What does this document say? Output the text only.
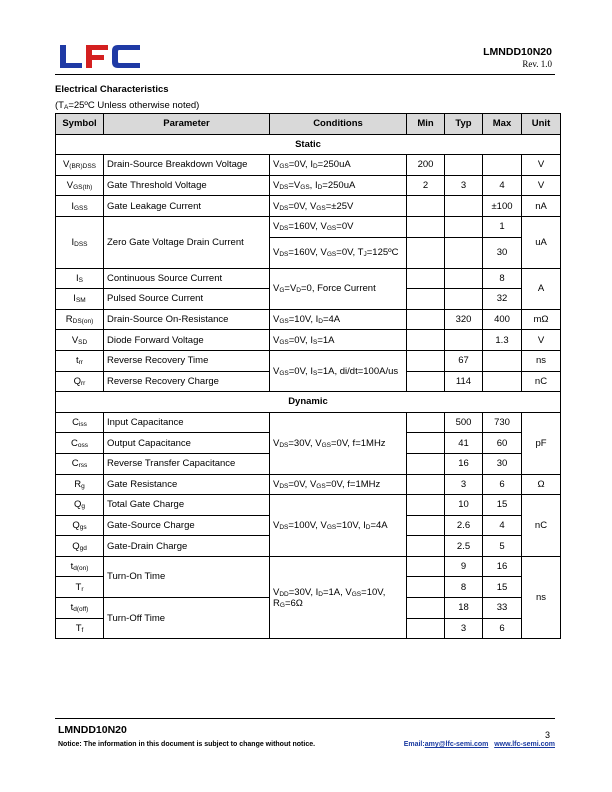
LMNDD10N20
Rev. 1.0
Electrical Characteristics
($T_A=25ºC$ Unless otherwise noted)
Symbol	Parameter	Conditions	Min	Typ	Max	Unit
Static						
$V_{(BR)DSS}$	Drain-Source Breakdown Voltage	$V_{GS}=0V$, $I_D=250uA$	200			V
$V_{GS(th)}$	Gate Threshold Voltage	$V_{DS}=V_{GS}$, $I_D=250uA$	2	3	4	V
$I_{GSS}$	Gate Leakage Current	$V_{DS}=0V$, $V_{GS}=\pm 25V$			±100	nA
$I_{DSS}$	Zero Gate Voltage Drain Current	$V_{DS}=160V$, $V_{GS}=0V$			1	uA
		$V_{DS}=160V$, $V_{GS}=0V$, $T_J=125ºC$			30	
$I_S$	Continuous Source Current	$V_G=V_D=0$, Force Current			8	A
$I_{SM}$	Pulsed Source Current				32	
$R_{DS(on)}$	Drain-Source On-Resistance	$V_{GS}=10V$, $I_D=4A$		320	400	mΩ
$V_{SD}$	Diode Forward Voltage	$V_{GS}=0V$, $I_S=1A$			1.3	V
$t_{rr}$	Reverse Recovery Time	$V_{GS}=0V$, $I_S=1A$, di/dt=100A/us		67		ns
$Q_{rr}$	Reverse Recovery Charge			114		nC
Dynamic						
$C_{iss}$	Input Capacitance	$V_{DS}=30V$, $V_{GS}=0V$, f=1MHz		500	730	pF
$C_{oss}$	Output Capacitance			41	60	
$C_{rss}$	Reverse Transfer Capacitance			16	30	
$R_g$	Gate Resistance	$V_{DS}=0V$, $V_{GS}=0V$, f=1MHz		3	6	Ω
$Q_g$	Total Gate Charge	$V_{DS}=100V$, $V_{GS}=10V$, $I_D=4A$		10	15	nC
$Q_{gs}$	Gate-Source Charge			2.6	4	
$Q_{gd}$	Gate-Drain Charge			2.5	5	
$t_{d(on)}$	Turn-On Time	$V_{DD}=30V$, $I_D=1A$, $V_{GS}=10V$, $R_G=6\Omega$		9	16	ns
$T_r$				8	15	
$t_{d(off)}$	Turn-Off Time			18	33	
$T_f$				3	6	
LMNDD10N20	3
Notice: The information in this document is subject to change without notice.	Email:amy@lfc-semi.com www.lfc-semi.com
